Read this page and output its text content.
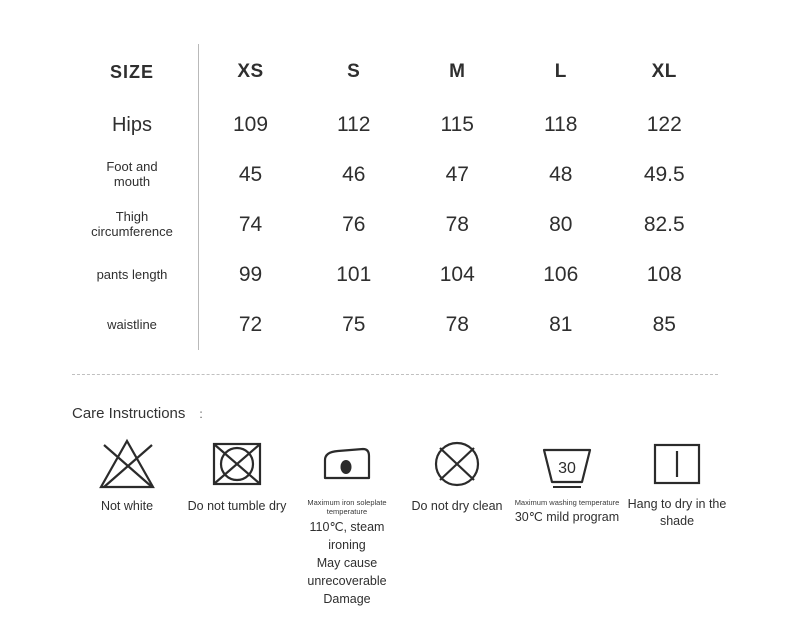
SIZE	XS	S	M	L	XL
Hips	109	112	115	118	122
Foot and
mouth	45	46	47	48	49.5
Thigh
circumference	74	76	78	80	82.5
pants length	99	101	104	106	108
waistline	72	75	78	81	85
Care Instructions :
Not white	Do not tumble dry	Maximum iron soleplate temperature
110℃, steam ironing
May cause unrecoverable
Damage
Do not dry clean
30
Maximum washing temperature
30℃ mild program
Hang to dry in the shade
